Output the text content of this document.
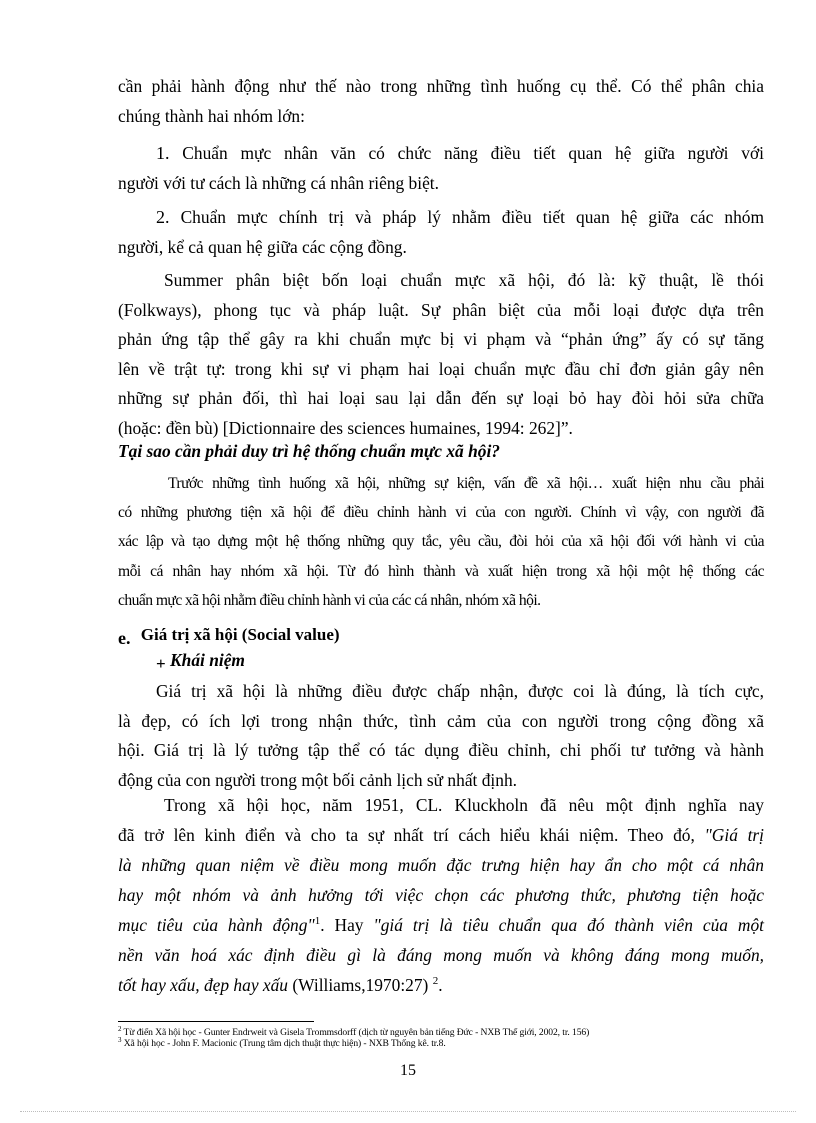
cần phải hành động như thế nào trong những tình huống cụ thể. Có thể phân chia
chúng thành hai nhóm lớn:

1. Chuẩn mực nhân văn có chức năng điều tiết quan hệ giữa người với
người với tư cách là những cá nhân riêng biệt.

2. Chuẩn mực chính trị và pháp lý nhằm điều tiết quan hệ giữa các nhóm
người, kể cả quan hệ giữa các cộng đồng.

Summer phân biệt bốn loại chuẩn mực xã hội, đó là: kỹ thuật, lề thói
(Folkways), phong tục và pháp luật. Sự phân biệt của mỗi loại được dựa trên
phản ứng tập thể gây ra khi chuẩn mực bị vi phạm và “phản ứng” ấy có sự tăng
lên về trật tự: trong khi sự vi phạm hai loại chuẩn mực đầu chỉ đơn giản gây nên
những sự phản đối, thì hai loại sau lại dẫn đến sự loại bỏ hay đòi hỏi sửa chữa
(hoặc: đền bù) [Dictionnaire des sciences humaines, 1994: 262]”.

Tại sao cần phải duy trì hệ thống chuẩn mực xã hội?

Trước những tình huống xã hội, những sự kiện, vấn đề xã hội… xuất hiện nhu cầu phải
có những phương tiện xã hội để điều chỉnh hành vi của con người. Chính vì vậy, con người đã
xác lập và tạo dựng một hệ thống những quy tắc, yêu cầu, đòi hỏi của xã hội đối với hành vi của
mỗi cá nhân hay nhóm xã hội. Từ đó hình thành và xuất hiện trong xã hội một hệ thống các
chuẩn mực xã hội nhằm điều chỉnh hành vi của các cá nhân, nhóm xã hội.

e. Giá trị xã hội (Social value)
+ Khái niệm

Giá trị xã hội là những điều được chấp nhận, được coi là đúng, là tích cực,
là đẹp, có ích lợi trong nhận thức, tình cảm của con người trong cộng đồng xã
hội. Giá trị là lý tưởng tập thể có tác dụng điều chỉnh, chi phối tư tưởng và hành
động của con người trong một bối cảnh lịch sử nhất định.

Trong xã hội học, năm 1951, CL. Kluckholn đã nêu một định nghĩa nay
đã trở lên kinh điển và cho ta sự nhất trí cách hiểu khái niệm. Theo đó, "Giá trị
là những quan niệm về điều mong muốn đặc trưng hiện hay ẩn cho một cá nhân
hay một nhóm và ảnh hưởng tới việc chọn các phương thức, phương tiện hoặc
mục tiêu của hành động"$^1$. Hay "giá trị là tiêu chuẩn qua đó thành viên của một
nền văn hoá xác định điều gì là đáng mong muốn và không đáng mong muốn,
tốt hay xấu, đẹp hay xấu (Williams,1970:27) $^2$.

$^2$ Từ điển Xã hội học - Gunter Endrweit và Gisela Trommsdorff (dịch từ nguyên bản tiếng Đức - NXB Thế giới, 2002, tr. 156)
$^3$ Xã hội học - John F. Macionic (Trung tâm dịch thuật thực hiện) - NXB Thống kê. tr.8.
15
